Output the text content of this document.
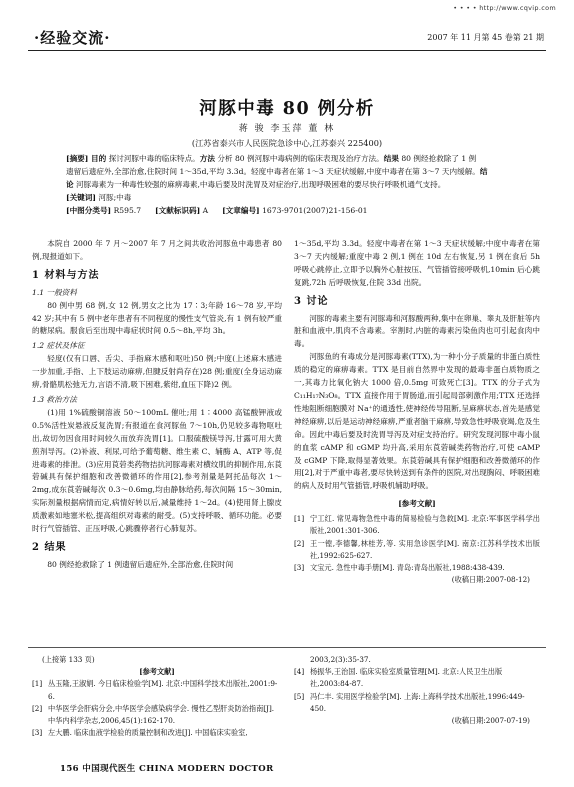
• • • • http://www.cqvip.com
·经验交流·	2007 年 11 月第 45 卷第 21 期
河豚中毒 80 例分析
蒋 骏 李玉萍 董 林
(江苏省泰兴市人民医院急诊中心,江苏泰兴 225400)

[摘要] 目的 探讨河豚中毒的临床特点。方法 分析 80 例河豚中毒病例的临床表现及治疗方法。结果 80 例经抢救除了 1 例

遗留后遗症外,全部治愈,住院时间 1～35d,平均 3.3d。轻度中毒者在第 1～3 天症状缓解,中度中毒者在第 3～7 天内缓解。结

论 河豚毒素为一种毒性较强的麻痹毒素,中毒后要及时洗胃及对症治疗,出现呼吸困难的要尽快行呼吸机通气支持。

[关键词] 河豚;中毒

[中图分类号] R595.7 [文献标识码] A [文章编号] 1673-9701(2007)21-156-01

本院自 2000 年 7 月～2007 年 7 月之间共收治河豚鱼中毒患者 80 例,现报道如下。

1 材料与方法

1.1 一般资料

80 例中男 68 例,女 12 例,男女之比为 17∶3;年龄 16～78 岁,平均 42 岁;其中有 5 例中老年患者有不同程度的慢性支气管炎,有 1 例有较严重的糖尿病。服食后至出现中毒症状时间 0.5～8h,平均 3h。

1.2 症状及体征

轻度(仅有口唇、舌尖、手指麻木感和呕吐)50 例;中度(上述麻木感进一步加重,手指、上下肢运动麻痹,但腱反射尚存在)28 例;重度(全身运动麻痹,骨骼肌松弛无力,言语不清,吸下困难,紫绀,血压下降)2 例。

1.3 救治方法

(1)用 1%硫酸铜溶液 50～100mL 催吐;用 1∶4000 高锰酸钾液或 0.5%活性炭悬液反复洗胃;有报道在食河豚鱼 7～10h,仍见较多毒物呕吐出,故切勿因食用时间较久而放弃洗胃[1]。口服硫酸镁导泻,甘露可用大黄煎剂导泻。(2)补液、利尿,可给予葡萄糖、维生素 C、辅酶 A、ATP 等,促进毒素的排泄。(3)应用莨菪类药物拮抗河豚毒素对横纹肌的抑制作用,东莨菪碱具有保护细胞和改善微循环的作用[2],参考剂量是阿托品每次 1～2mg,成东莨菪碱每次 0.3～0.6mg,均由静脉给药,每次间隔 15～30min,实际剂量根据病情而定,病情好转以后,减量维持 1～2d。(4)使用肾上腺皮质激素如地塞米松,提高组织对毒素的耐受。(5)支持呼吸、循环功能。必要时行气管插管、正压呼吸,心跳骤停者行心肺复苏。

2 结果

80 例经抢救除了 1 例遗留后遗症外,全部治愈,住院时间

1～35d,平均 3.3d。轻度中毒者在第 1～3 天症状缓解;中度中毒者在第 3～7 天内缓解;重度中毒 2 例,1 例在 10d 左右恢复,另 1 例在食后 5h 呼吸心跳停止,立即予以胸外心脏按压、气管插管接呼吸机,10min 后心跳复跳,72h 后呼吸恢复,住院 33d 出院。

3 讨论

河豚的毒素主要有河豚毒和河豚酸两种,集中在卵巢、睾丸及肝脏等内脏和血液中,肌肉不含毒素。宰割时,内脏的毒素污染鱼肉也可引起食肉中毒。

河豚鱼的有毒成分是河豚毒素(TTX),为一种小分子质量的非蛋白质性质的稳定的麻痹毒素。TTX 是目前自然界中发现的最毒非蛋白质物质之一,其毒力比氧化钠大 1000 倍,0.5mg 可致死亡[3]。TTX 的分子式为 C₁₁H₁₇N₃O₈。TTX 直接作用于胃肠道,而引起局部刺激作用;TTX 还选择性地阻断细胞膜对 Na⁺的通透性,使神经传导阻断,呈麻痹状态,首先是感觉神经麻痹,以后是运动神经麻痹,严重者脑干麻痹,导致急性呼吸衰竭,危及生命。因此中毒后要及时洗胃导泻及对症支持治疗。研究发现河豚中毒小鼠的血浆 cAMP 和 cGMP 均升高,采用东莨菪碱类药物治疗,可使 cAMP 及 cGMP 下降,取得显著效果。东莨菪碱具有保护细胞和改善微循环的作用[2],对于严重中毒者,要尽快转送到有条件的医院,对出现胸闷、呼吸困难的病人及时用气管插管,呼吸机辅助呼吸。

[参考文献]

[1] 宁工红. 常见毒物急性中毒的简易检验与急救[M]. 北京:军事医学科学出版社,2001:301-306.

[2] 王一镗,李德馨,林桂芳,等. 实用急诊医学[M]. 南京:江苏科学技术出版社,1992:625-627.

[3] 文宝元. 急性中毒手册[M]. 青岛:青岛出版社,1988:438-439.

(收稿日期:2007-08-12)

(上接第 133 页)

[参考文献]

[1] 丛玉隆,王淑娟. 今日临床检验学[M]. 北京:中国科学技术出版社,2001:9-6.

[2] 中华医学会肝病分会,中华医学会感染病学会. 慢性乙型肝炎防治指南[J]. 中华内科学杂志,2006,45(1):162-170.

[3] 左大鹏. 临床血液学检验的质量控制和改进[J]. 中国临床实验室,

2003,2(3):35-37.

[4] 杨振华,王治国. 临床实验室质量管理[M]. 北京:人民卫生出版社,2003:84-87.

[5] 冯仁丰. 实用医学检验学[M]. 上海:上海科学技术出版社,1996:449-450.

(收稿日期:2007-07-19)

156 中国现代医生 CHINA MODERN DOCTOR
